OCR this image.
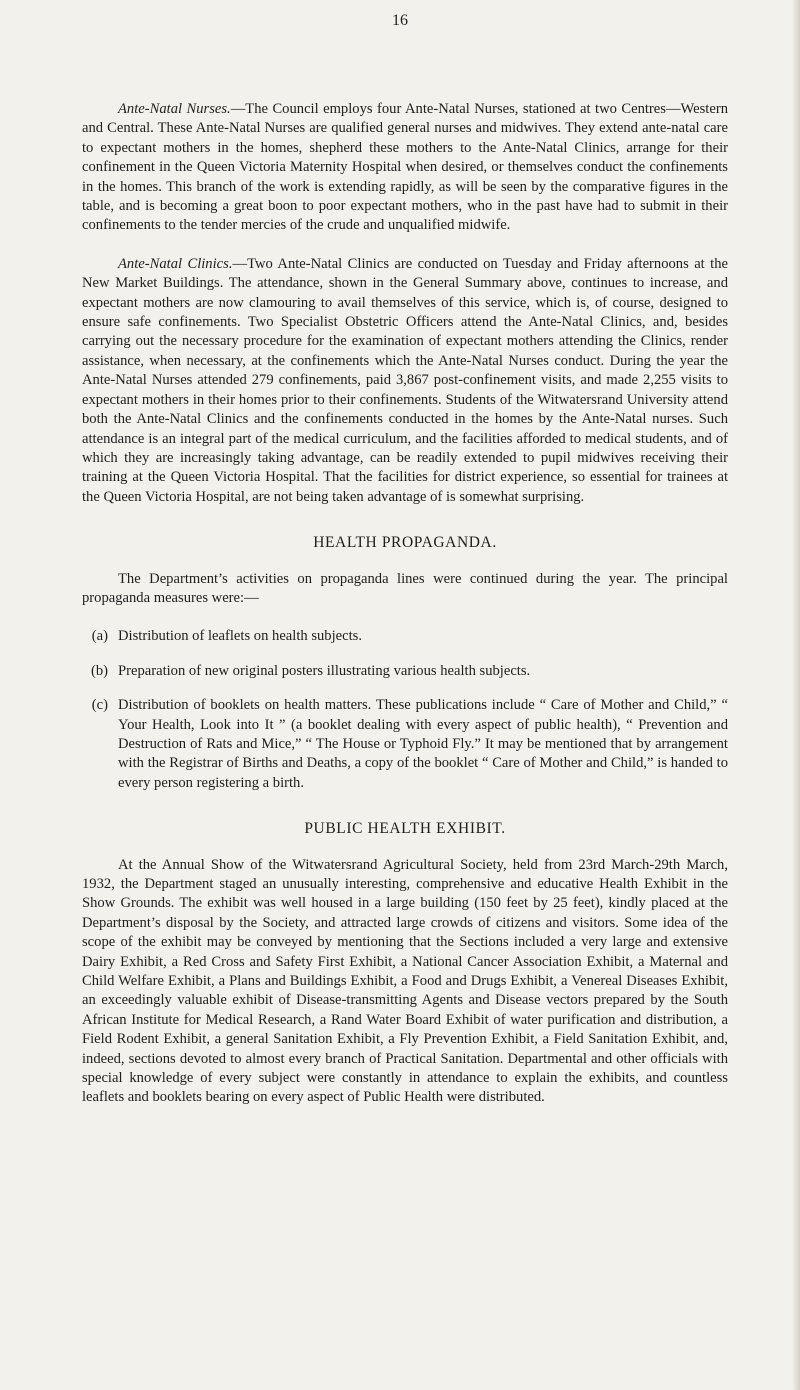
16

Ante-Natal Nurses.—The Council employs four Ante-Natal Nurses, stationed at two Centres—Western and Central. These Ante-Natal Nurses are qualified general nurses and midwives. They extend ante-natal care to expectant mothers in the homes, shepherd these mothers to the Ante-Natal Clinics, arrange for their confinement in the Queen Victoria Maternity Hospital when desired, or themselves conduct the confinements in the homes. This branch of the work is extending rapidly, as will be seen by the comparative figures in the table, and is becoming a great boon to poor expectant mothers, who in the past have had to submit in their confinements to the tender mercies of the crude and unqualified midwife.

Ante-Natal Clinics.—Two Ante-Natal Clinics are conducted on Tuesday and Friday afternoons at the New Market Buildings. The attendance, shown in the General Summary above, continues to increase, and expectant mothers are now clamouring to avail themselves of this service, which is, of course, designed to ensure safe confinements. Two Specialist Obstetric Officers attend the Ante-Natal Clinics, and, besides carrying out the necessary procedure for the examination of expectant mothers attending the Clinics, render assistance, when necessary, at the confinements which the Ante-Natal Nurses conduct. During the year the Ante-Natal Nurses attended 279 confinements, paid 3,867 post-confinement visits, and made 2,255 visits to expectant mothers in their homes prior to their confinements. Students of the Witwatersrand University attend both the Ante-Natal Clinics and the confinements conducted in the homes by the Ante-Natal nurses. Such attendance is an integral part of the medical curriculum, and the facilities afforded to medical students, and of which they are increasingly taking advantage, can be readily extended to pupil midwives receiving their training at the Queen Victoria Hospital. That the facilities for district experience, so essential for trainees at the Queen Victoria Hospital, are not being taken advantage of is somewhat surprising.

HEALTH PROPAGANDA.

The Department’s activities on propaganda lines were continued during the year. The principal propaganda measures were:—

(a) Distribution of leaflets on health subjects.
(b) Preparation of new original posters illustrating various health subjects.
(c) Distribution of booklets on health matters. These publications include “ Care of Mother and Child,” “ Your Health, Look into It ” (a booklet dealing with every aspect of public health), “ Prevention and Destruction of Rats and Mice,” “ The House or Typhoid Fly.” It may be mentioned that by arrangement with the Registrar of Births and Deaths, a copy of the booklet “ Care of Mother and Child,” is handed to every person registering a birth.
PUBLIC HEALTH EXHIBIT.

At the Annual Show of the Witwatersrand Agricultural Society, held from 23rd March-29th March, 1932, the Department staged an unusually interesting, comprehensive and educative Health Exhibit in the Show Grounds. The exhibit was well housed in a large building (150 feet by 25 feet), kindly placed at the Department’s disposal by the Society, and attracted large crowds of citizens and visitors. Some idea of the scope of the exhibit may be conveyed by mentioning that the Sections included a very large and extensive Dairy Exhibit, a Red Cross and Safety First Exhibit, a National Cancer Association Exhibit, a Maternal and Child Welfare Exhibit, a Plans and Buildings Exhibit, a Food and Drugs Exhibit, a Venereal Diseases Exhibit, an exceedingly valuable exhibit of Disease-transmitting Agents and Disease vectors prepared by the South African Institute for Medical Research, a Rand Water Board Exhibit of water purification and distribution, a Field Rodent Exhibit, a general Sanitation Exhibit, a Fly Prevention Exhibit, a Field Sanitation Exhibit, and, indeed, sections devoted to almost every branch of Practical Sanitation. Departmental and other officials with special knowledge of every subject were constantly in attendance to explain the exhibits, and countless leaflets and booklets bearing on every aspect of Public Health were distributed.
